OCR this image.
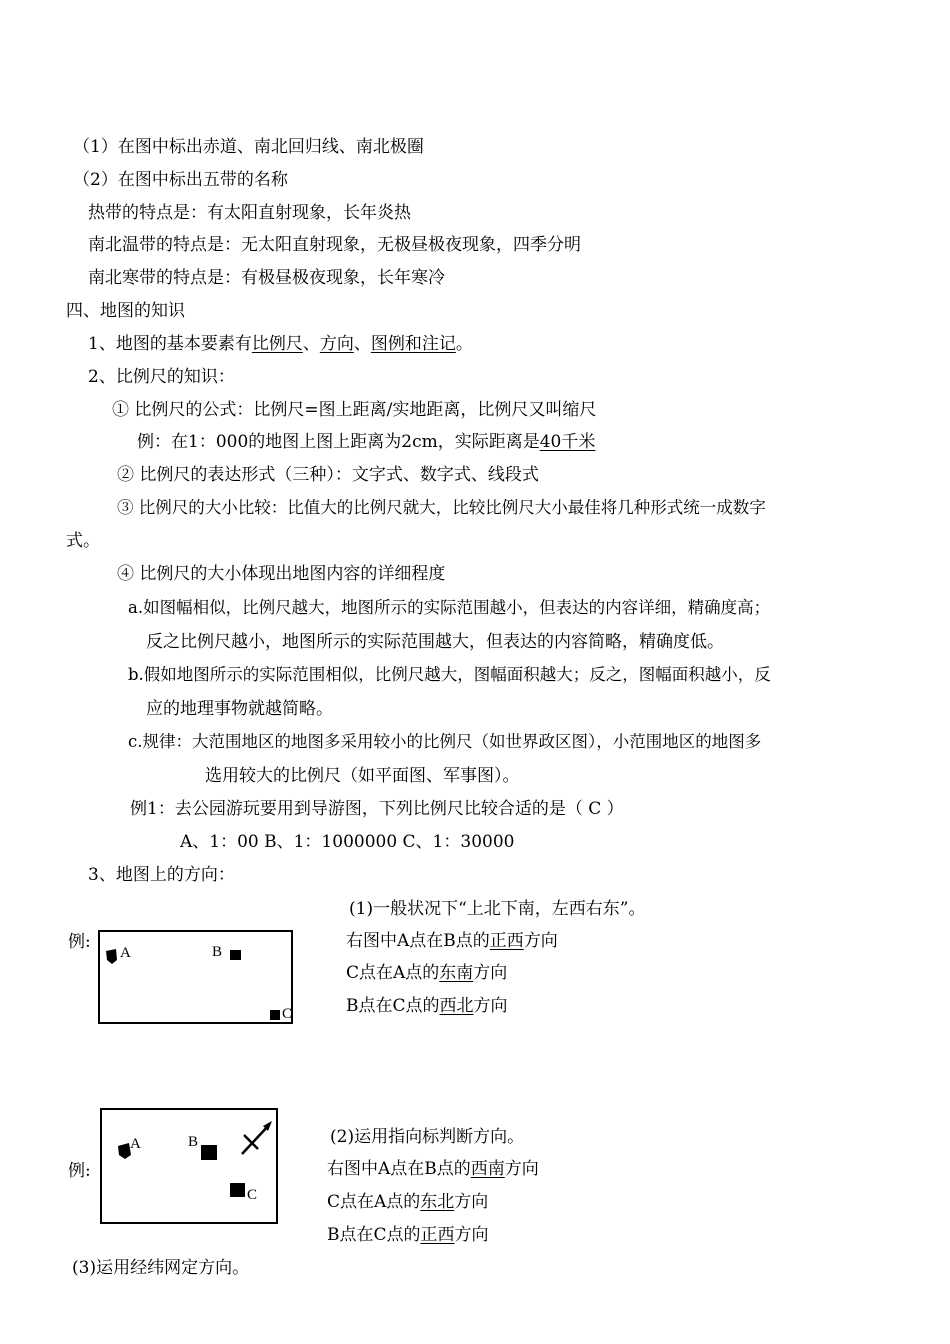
（1）在图中标出赤道、南北回归线、南北极圈
（2）在图中标出五带的名称
热带的特点是：有太阳直射现象，长年炎热
南北温带的特点是：无太阳直射现象，无极昼极夜现象，四季分明
南北寒带的特点是：有极昼极夜现象，长年寒冷
四、地图的知识
1、地图的基本要素有比例尺、方向、图例和注记。
2、比例尺的知识：
① 比例尺的公式：比例尺=图上距离/实地距离，比例尺又叫缩尺
例：在1：000的地图上图上距离为2cm，实际距离是40千米
② 比例尺的表达形式（三种）：文字式、数字式、线段式
③ 比例尺的大小比较：比值大的比例尺就大，比较比例尺大小最佳将几种形式统一成数字
式。
④ 比例尺的大小体现出地图内容的详细程度
a.如图幅相似，比例尺越大，地图所示的实际范围越小，但表达的内容详细，精确度高；
反之比例尺越小，地图所示的实际范围越大，但表达的内容简略，精确度低。
b.假如地图所示的实际范围相似，比例尺越大，图幅面积越大；反之，图幅面积越小，反
应的地理事物就越简略。
c.规律：大范围地区的地图多采用较小的比例尺（如世界政区图），小范围地区的地图多
选用较大的比例尺（如平面图、军事图）。
例1：去公园游玩要用到导游图，下列比例尺比较合适的是（ C ）
A、1：00 B、1：1000000 C、1：30000
3、地图上的方向：
例:
A	B
C
(1)一般状况下“上北下南，左西右东”。
右图中A点在B点的正西方向
C点在A点的东南方向
B点在C点的西北方向
例:
A	B
C
(2)运用指向标判断方向。
右图中A点在B点的西南方向
C点在A点的东北方向
B点在C点的正西方向
(3)运用经纬网定方向。
